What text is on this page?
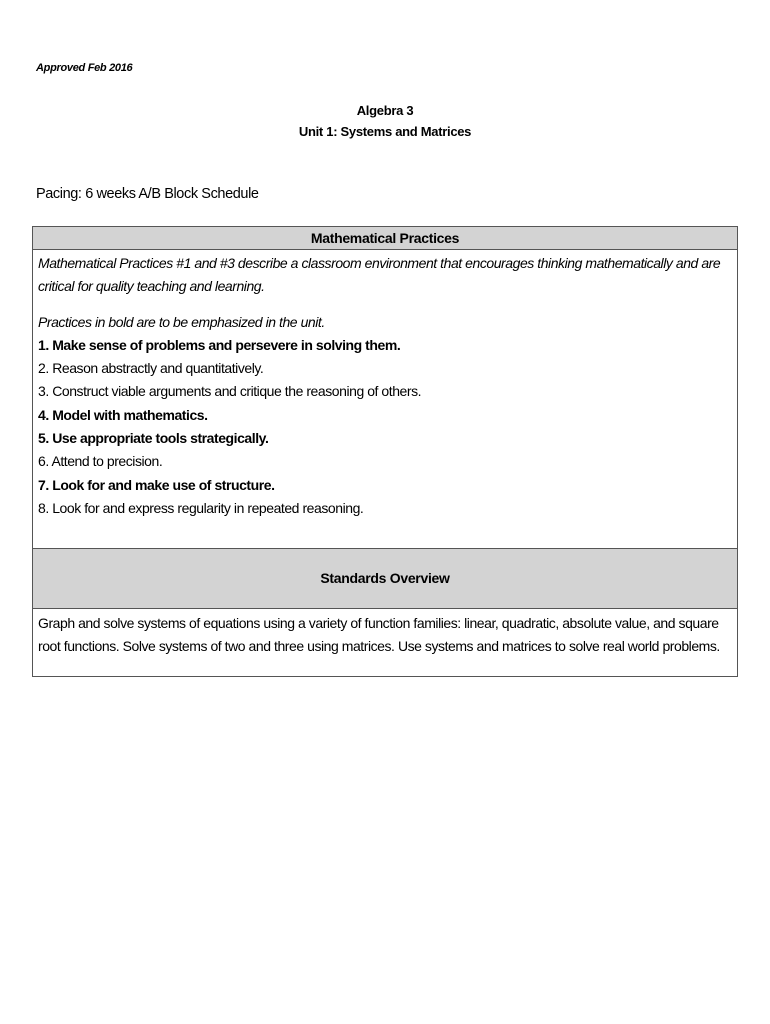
Approved Feb 2016
Algebra 3
Unit 1: Systems and Matrices
Pacing: 6 weeks A/B Block Schedule
Mathematical Practices

Mathematical Practices #1 and #3 describe a classroom environment that encourages thinking mathematically and are critical for quality teaching and learning.
Practices in bold are to be emphasized in the unit.
1. Make sense of problems and persevere in solving them.
2. Reason abstractly and quantitatively.
3. Construct viable arguments and critique the reasoning of others.
4. Model with mathematics.
5. Use appropriate tools strategically.
6. Attend to precision.
7. Look for and make use of structure.
8. Look for and express regularity in repeated reasoning.

Standards Overview
Graph and solve systems of equations using a variety of function families: linear, quadratic, absolute value, and square root functions. Solve systems of two and three using matrices. Use systems and matrices to solve real world problems.
